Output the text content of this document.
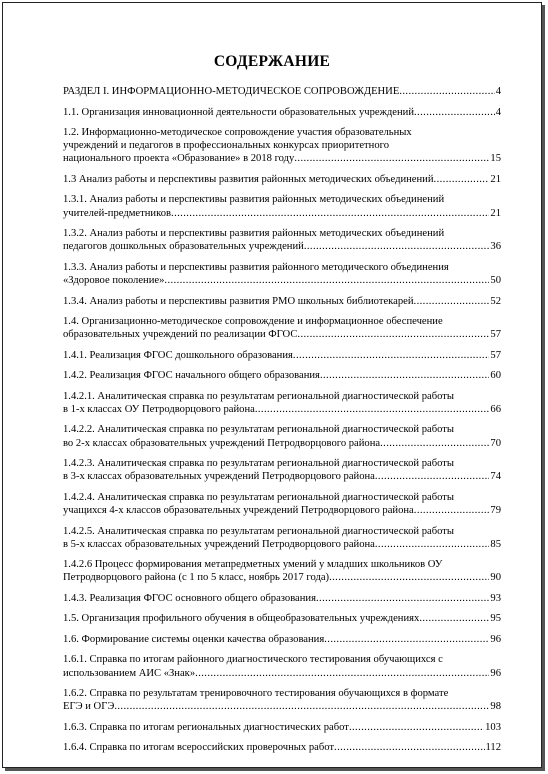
СОДЕРЖАНИЕ
РАЗДЕЛ I. ИНФОРМАЦИОННО-МЕТОДИЧЕСКОЕ СОПРОВОЖДЕНИЕ .....	4
1.1. Организация инновационной деятельности образовательных учреждений .....	4
1.2. Информационно-методическое сопровождение участия образовательных
учреждений и педагогов в профессиональных конкурсах приоритетного
национального проекта «Образование» в 2018 году .....	15
1.3 Анализ работы и перспективы развития районных методических объединений .....	21
1.3.1. Анализ работы и перспективы развития районных методических объединений
учителей-предметников .....	21
1.3.2. Анализ работы и перспективы развития районных методических объединений
педагогов дошкольных образовательных учреждений .....	36
1.3.3. Анализ работы и перспективы развития районного методического объединения
«Здоровое поколение» .....	50
1.3.4. Анализ работы и перспективы развития РМО школьных библиотекарей .....	52
1.4. Организационно-методическое сопровождение и информационное обеспечение
образовательных учреждений по реализации ФГОС .....	57
1.4.1. Реализация ФГОС дошкольного образования .....	57
1.4.2. Реализация ФГОС начального общего образования .....	60
1.4.2.1. Аналитическая справка по результатам региональной диагностической работы
в 1-х классах ОУ Петродворцового района .....	66
1.4.2.2. Аналитическая справка по результатам региональной диагностической работы
во 2-х классах образовательных учреждений Петродворцового района .....	70
1.4.2.3. Аналитическая справка по результатам региональной диагностической работы
в 3-х классах образовательных учреждений Петродворцового района .....	74
1.4.2.4. Аналитическая справка по результатам региональной диагностической работы
учащихся 4-х классов образовательных учреждений Петродворцового района .....	79
1.4.2.5. Аналитическая справка по результатам региональной диагностической работы
в 5-х классах образовательных учреждений Петродворцового района .....	85
1.4.2.6 Процесс формирования метапредметных умений у младших школьников ОУ
Петродворцового района (с 1 по 5 класс, ноябрь 2017 года) .....	90
1.4.3. Реализация ФГОС основного общего образования .....	93
1.5. Организация профильного обучения в общеобразовательных учреждениях .....	95
1.6. Формирование системы оценки качества образования .....	96
1.6.1. Справка по итогам районного диагностического тестирования обучающихся с
использованием АИС «Знак» .....	96
1.6.2. Справка по результатам тренировочного тестирования обучающихся в формате
ЕГЭ и ОГЭ .....	98
1.6.3. Справка по итогам региональных диагностических работ .....	103
1.6.4. Справка по итогам всероссийских проверочных работ .....	112
